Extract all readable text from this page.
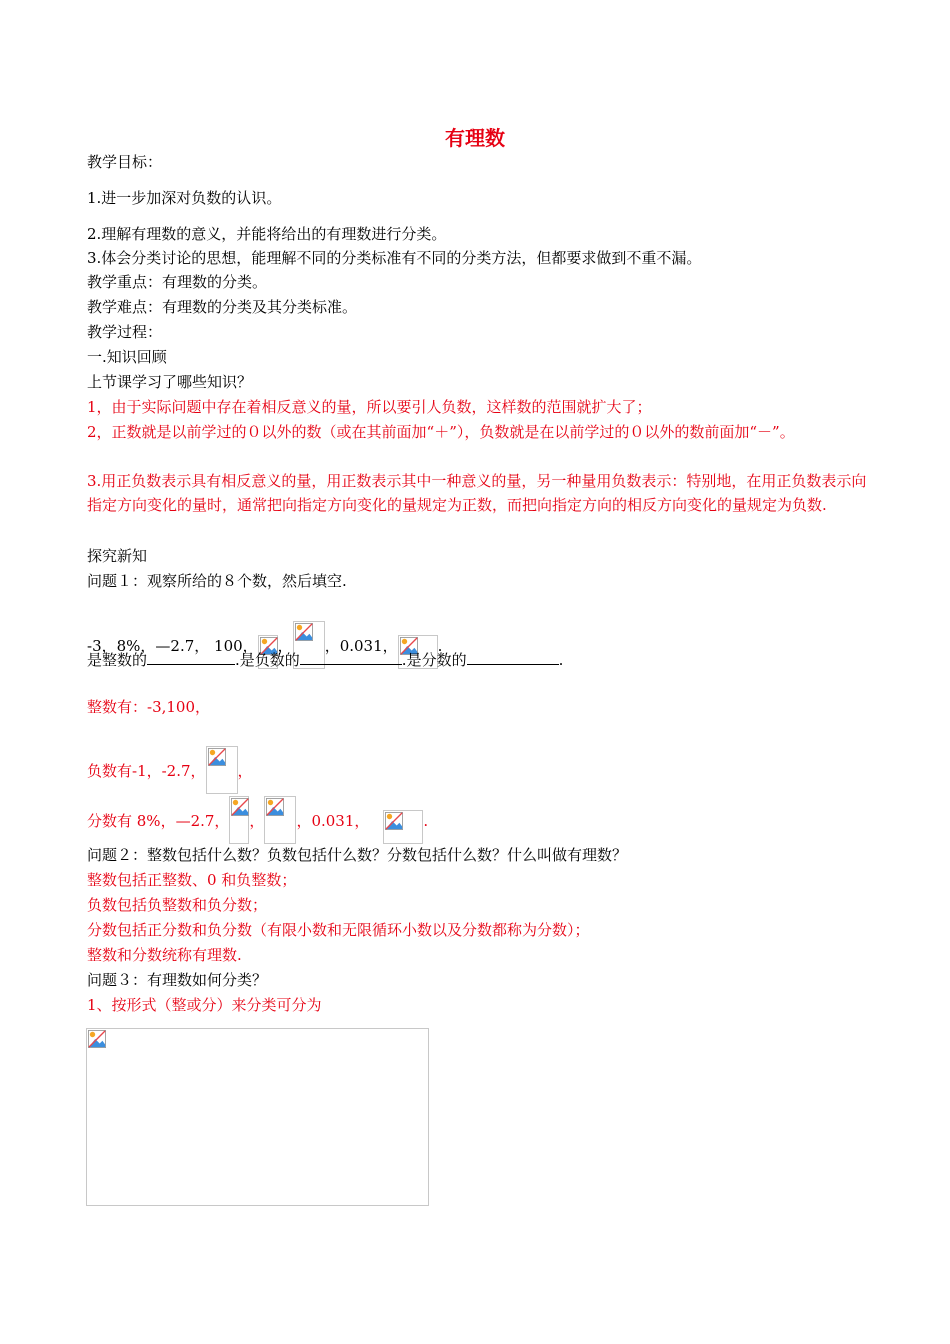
有理数
教学目标：
1.进一步加深对负数的认识。
2.理解有理数的意义，并能将给出的有理数进行分类。
3.体会分类讨论的思想，能理解不同的分类标准有不同的分类方法，但都要求做到不重不漏。
教学重点：有理数的分类。
教学难点：有理数的分类及其分类标准。
教学过程：
一.知识回顾
上节课学习了哪些知识？
1，由于实际问题中存在着相反意义的量，所以要引人负数，这样数的范围就扩大了；
2，正数就是以前学过的０以外的数（或在其前面加“＋”），负数就是在以前学过的０以外的数前面加“－”。
3.用正负数表示具有相反意义的量，用正数表示其中一种意义的量，另一种量用负数表示：特别地，在用正负数表示向指定方向变化的量时，通常把向指定方向变化的量规定为正数，而把向指定方向的相反方向变化的量规定为负数.
探究新知
问题１：观察所给的８个数，然后填空.
-3，8%，—2.7， 100， ， ，0.031，	.
是整数的	.是负数的	.是分数的	.
整数有：-3,100，
负数有-1，-2.7， ，
分数有 8%，—2.7， ， ，0.031，	.
问题２：整数包括什么数？负数包括什么数？分数包括什么数？什么叫做有理数？
整数包括正整数、0 和负整数；
负数包括负整数和负分数；
分数包括正分数和负分数（有限小数和无限循环小数以及分数都称为分数）；
整数和分数统称有理数.
问题３：有理数如何分类？
1、按形式（整或分）来分类可分为
